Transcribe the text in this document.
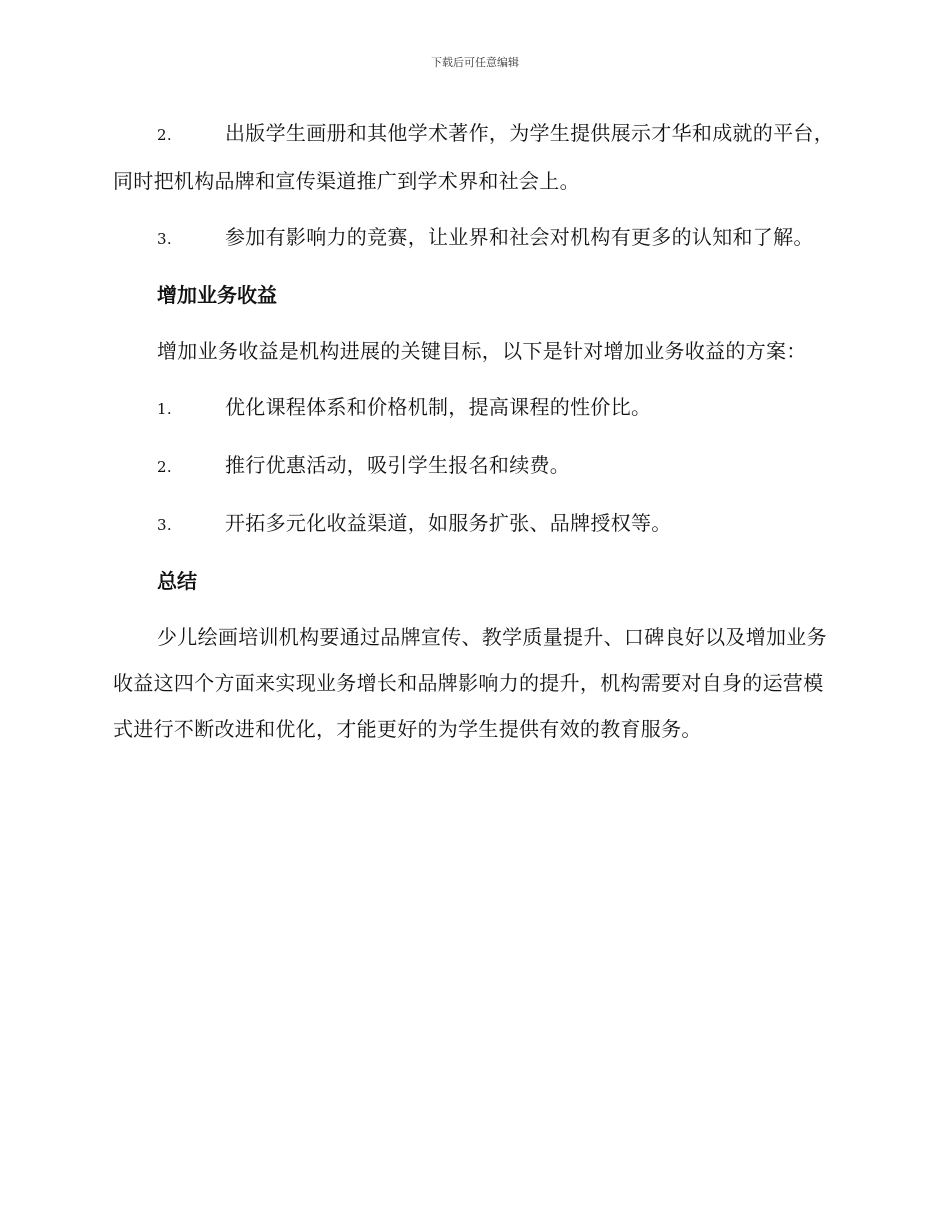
下载后可任意编辑

2.	出版学生画册和其他学术著作，为学生提供展示才华和成就的平台，同时把机构品牌和宣传渠道推广到学术界和社会上。

3.	参加有影响力的竞赛，让业界和社会对机构有更多的认知和了解。

增加业务收益

增加业务收益是机构进展的关键目标，以下是针对增加业务收益的方案：

1.	优化课程体系和价格机制，提高课程的性价比。

2.	推行优惠活动，吸引学生报名和续费。

3.	开拓多元化收益渠道，如服务扩张、品牌授权等。

总结

少儿绘画培训机构要通过品牌宣传、教学质量提升、口碑良好以及增加业务收益这四个方面来实现业务增长和品牌影响力的提升，机构需要对自身的运营模式进行不断改进和优化，才能更好的为学生提供有效的教育服务。
